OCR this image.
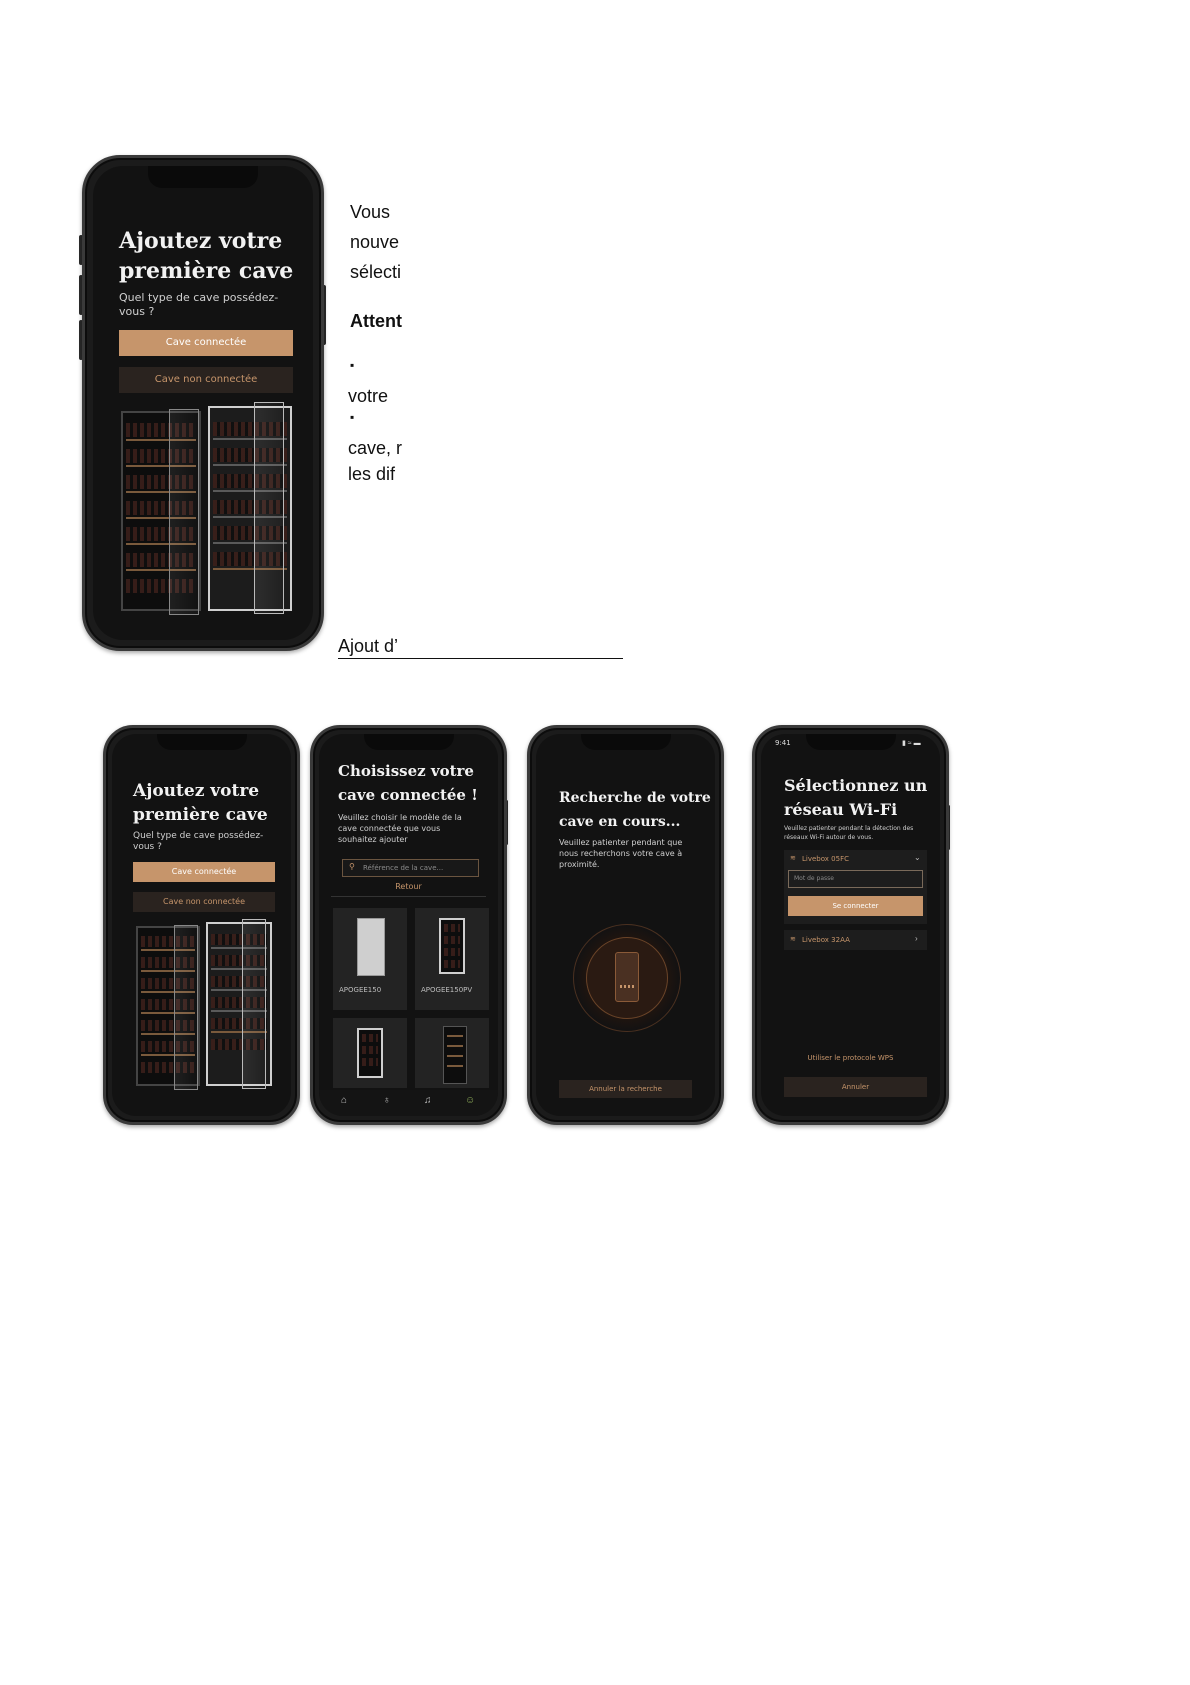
Vous
nouve
sélecti
Attent
▪
votre
▪
cave, r
les dif
Ajout d’
Ajoutez votre
première cave
Quel type de cave possédez-vous ?
Cave connectée
Cave non connectée
Ajoutez votre
première cave
Quel type de cave possédez-vous ?
Cave connectée
Cave non connectée
Choisissez votre
cave connectée !
Veuillez choisir le modèle de la cave connectée que vous souhaitez ajouter
⚲ Référence de la cave...
Retour
APOGEE150	APOGEE150PV
⌂	♁	♫	☺
Recherche de votre
cave en cours...
Veuillez patienter pendant que nous recherchons votre cave à proximité.
Annuler la recherche
9:41	▮ ≈ ▬
Sélectionnez un
réseau Wi-Fi
Veuillez patienter pendant la détection des réseaux Wi-Fi autour de vous.
≋ Livebox 05FC	⌄
Mot de passe
Se connecter
≋ Livebox 32AA	›
Utiliser le protocole WPS
Annuler
